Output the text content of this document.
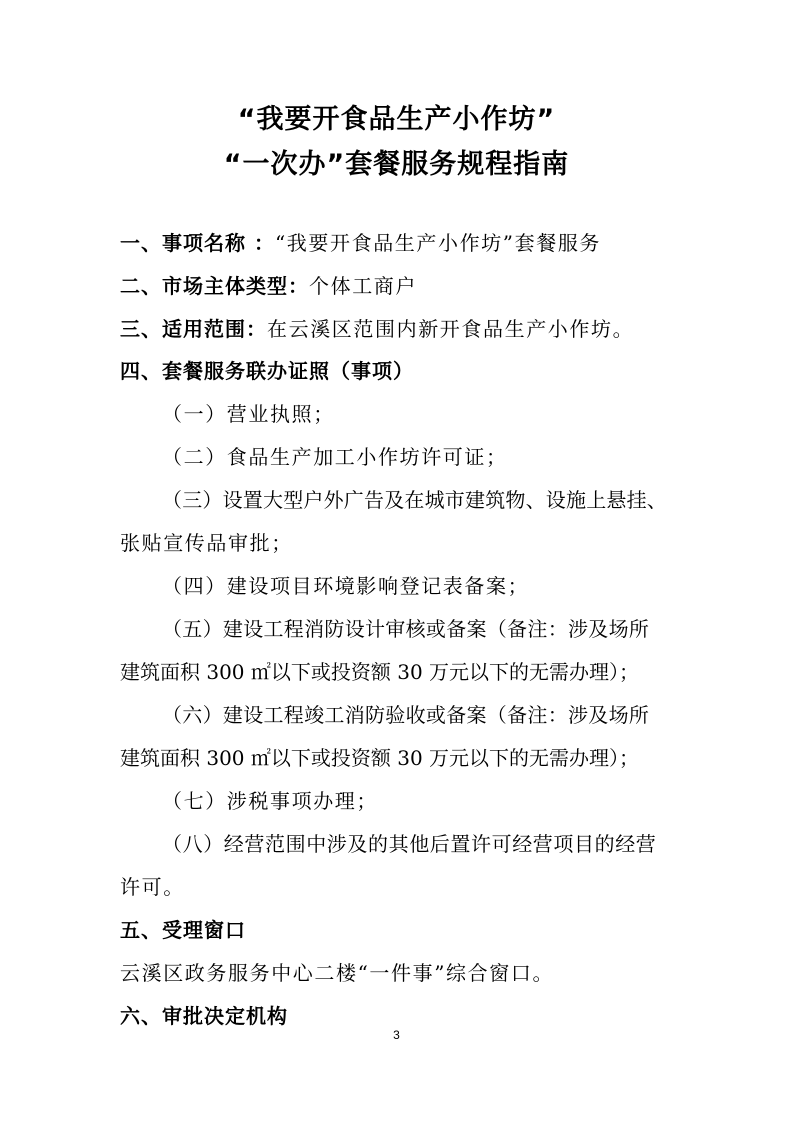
“我要开食品生产小作坊”
“一次办”套餐服务规程指南
一、事项名称 ：“我要开食品生产小作坊”套餐服务
二、市场主体类型：个体工商户
三、适用范围：在云溪区范围内新开食品生产小作坊。
四、套餐服务联办证照（事项）
（一）营业执照；
（二）食品生产加工小作坊许可证；
（三）设置大型户外广告及在城市建筑物、设施上悬挂、
张贴宣传品审批；
（四）建设项目环境影响登记表备案；
（五）建设工程消防设计审核或备案（备注：涉及场所
建筑面积 300 ㎡以下或投资额 30 万元以下的无需办理）；
（六）建设工程竣工消防验收或备案（备注：涉及场所
建筑面积 300 ㎡以下或投资额 30 万元以下的无需办理）；
（七）涉税事项办理；
（八）经营范围中涉及的其他后置许可经营项目的经营
许可。
五、受理窗口
云溪区政务服务中心二楼“一件事”综合窗口。
六、审批决定机构
3
